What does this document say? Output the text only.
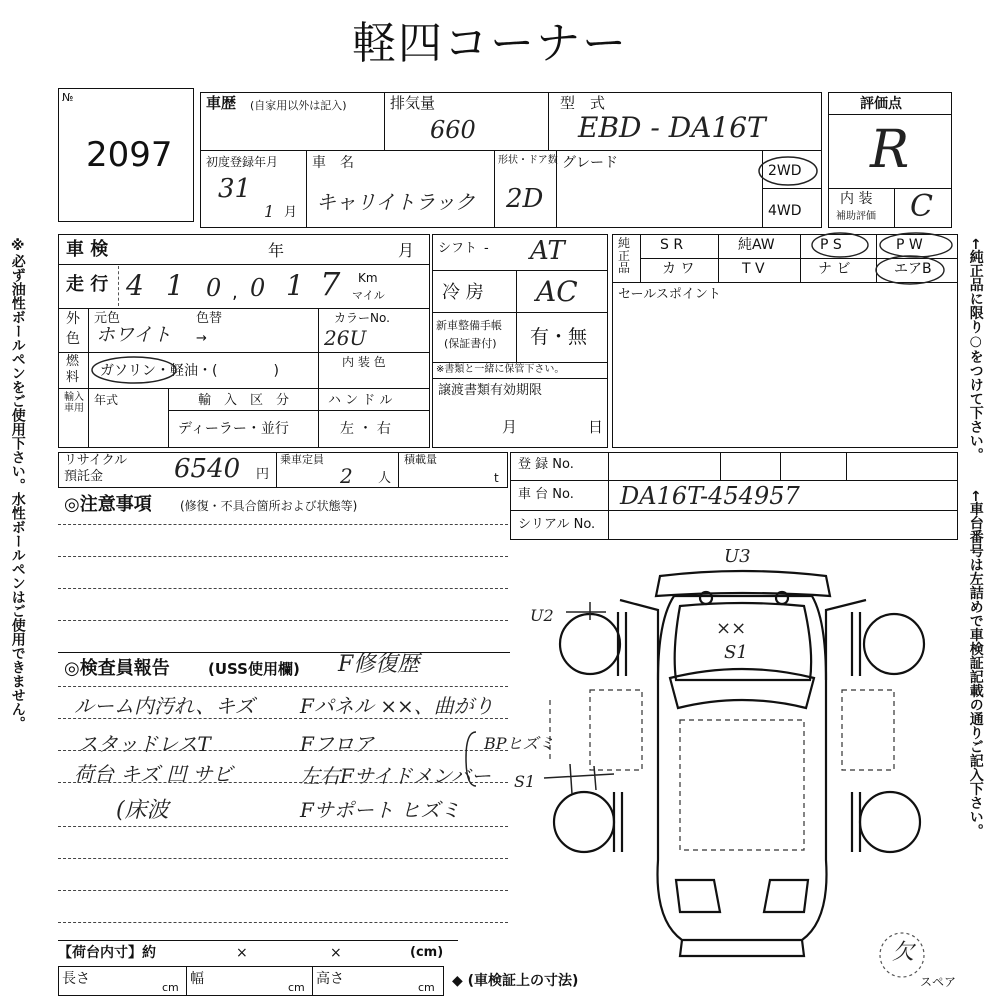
軽四コーナー
※必ず油性ボールペンをご使用下さい。水性ボールペンはご使用できません。	←純正品に限り○をつけて下さい。
←車台番号は左詰めで車検証記載の通りご記入下さい。
№
2097
車歴 (自家用以外は記入)	排気量
660
型　式
EBD - DA16T
初度登録年月
31
1 月
車　名
キャリイトラック
形状・ドア数
2D
グレード	2WD
4WD
評価点
R
内 装
補助評価 C
車 検	年	月
走 行 4 1 0 , 0 1 7 Km
マイル
外
色
元色
ホワイト
色替
→
カラーNo.
26U
燃
料 ガソリン・軽油・(　　　　)
内 装 色
輸入車用
年式	輸　入　区　分
ディーラー・並行
ハ ン ド ル
左 ・ 右
リサイクル
預託金	6540 円
乗車定員
2 人
積載量
t
シフト - AT
冷 房 AC
新車整備手帳
(保証書付) 有・無
※書類と一緒に保管下さい。
譲渡書類有効期限
月	日
純正品
S R	純AW	P S	P W
カ ワ	T V	ナ ビ	エアB
セールスポイント
登 録 No.
車 台 No. DA16T-454957
シリアル No.
◎注意事項 (修復・不具合箇所および状態等)
◎検査員報告	(USS使用欄) F修復歴
ルーム内汚れ、キズ
スタッドレスT
荷台 キズ 凹 サビ
(床波
Fパネル ××、曲がり
Fフロア
左右Fサイドメンバー
Fサポート ヒズミ
BPヒズミ
【荷台内寸】約	×	×	(cm)
長さ
cm
幅
cm
高さ
cm ◆ (車検証上の寸法)
U3
U2
××
S1
S1
欠
スペア
